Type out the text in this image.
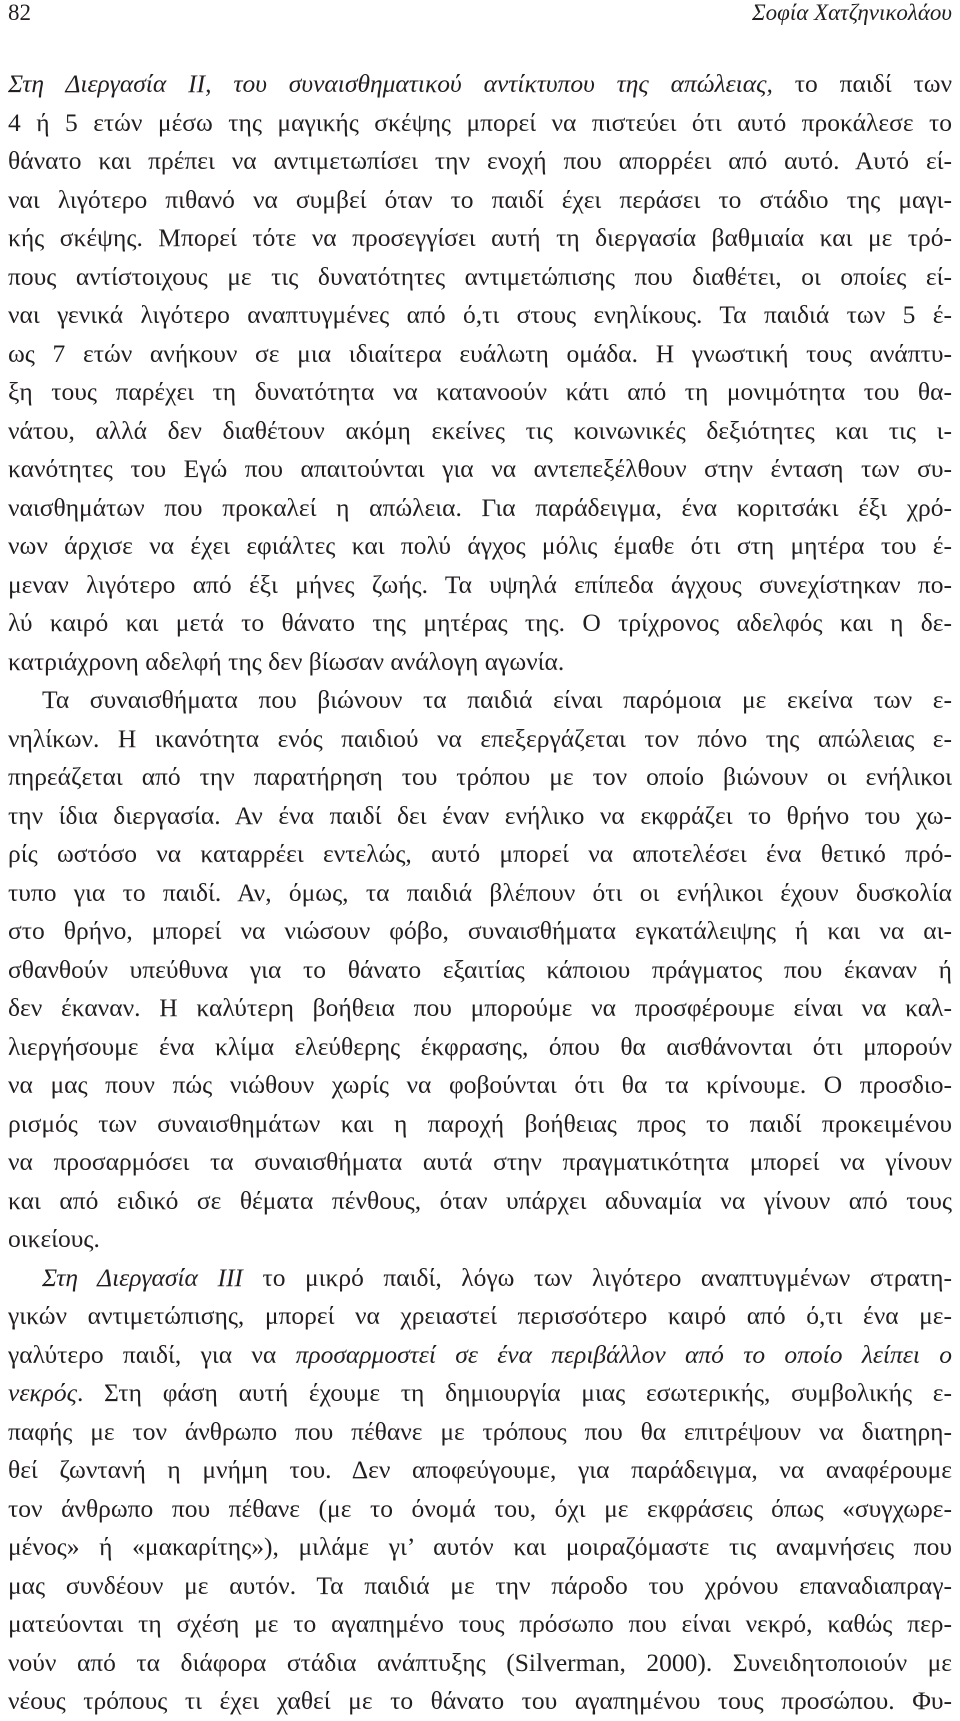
82	Σοφία Χατζηνικολάου
Στη Διεργασία ΙΙ, του συναισθηματικού αντίκτυπου της απώλειας, το παιδί των
4 ή 5 ετών μέσω της μαγικής σκέψης μπορεί να πιστεύει ότι αυτό προκάλεσε το
θάνατο και πρέπει να αντιμετωπίσει την ενοχή που απορρέει από αυτό. Αυτό εί-
ναι λιγότερο πιθανό να συμβεί όταν το παιδί έχει περάσει το στάδιο της μαγι-
κής σκέψης. Μπορεί τότε να προσεγγίσει αυτή τη διεργασία βαθμιαία και με τρό-
πους αντίστοιχους με τις δυνατότητες αντιμετώπισης που διαθέτει, οι οποίες εί-
ναι γενικά λιγότερο αναπτυγμένες από ό,τι στους ενηλίκους. Τα παιδιά των 5 έ-
ως 7 ετών ανήκουν σε μια ιδιαίτερα ευάλωτη ομάδα. Η γνωστική τους ανάπτυ-
ξη τους παρέχει τη δυνατότητα να κατανοούν κάτι από τη μονιμότητα του θα-
νάτου, αλλά δεν διαθέτουν ακόμη εκείνες τις κοινωνικές δεξιότητες και τις ι-
κανότητες του Εγώ που απαιτούνται για να αντεπεξέλθουν στην ένταση των συ-
ναισθημάτων που προκαλεί η απώλεια. Για παράδειγμα, ένα κοριτσάκι έξι χρό-
νων άρχισε να έχει εφιάλτες και πολύ άγχος μόλις έμαθε ότι στη μητέρα του έ-
μεναν λιγότερο από έξι μήνες ζωής. Τα υψηλά επίπεδα άγχους συνεχίστηκαν πο-
λύ καιρό και μετά το θάνατο της μητέρας της. Ο τρίχρονος αδελφός και η δε-
κατριάχρονη αδελφή της δεν βίωσαν ανάλογη αγωνία.
Τα συναισθήματα που βιώνουν τα παιδιά είναι παρόμοια με εκείνα των ε-
νηλίκων. Η ικανότητα ενός παιδιού να επεξεργάζεται τον πόνο της απώλειας ε-
πηρεάζεται από την παρατήρηση του τρόπου με τον οποίο βιώνουν οι ενήλικοι
την ίδια διεργασία. Αν ένα παιδί δει έναν ενήλικο να εκφράζει το θρήνο του χω-
ρίς ωστόσο να καταρρέει εντελώς, αυτό μπορεί να αποτελέσει ένα θετικό πρό-
τυπο για το παιδί. Αν, όμως, τα παιδιά βλέπουν ότι οι ενήλικοι έχουν δυσκολία
στο θρήνο, μπορεί να νιώσουν φόβο, συναισθήματα εγκατάλειψης ή και να αι-
σθανθούν υπεύθυνα για το θάνατο εξαιτίας κάποιου πράγματος που έκαναν ή
δεν έκαναν. Η καλύτερη βοήθεια που μπορούμε να προσφέρουμε είναι να καλ-
λιεργήσουμε ένα κλίμα ελεύθερης έκφρασης, όπου θα αισθάνονται ότι μπορούν
να μας πουν πώς νιώθουν χωρίς να φοβούνται ότι θα τα κρίνουμε. Ο προσδιο-
ρισμός των συναισθημάτων και η παροχή βοήθειας προς το παιδί προκειμένου
να προσαρμόσει τα συναισθήματα αυτά στην πραγματικότητα μπορεί να γίνουν
και από ειδικό σε θέματα πένθους, όταν υπάρχει αδυναμία να γίνουν από τους
οικείους.
Στη Διεργασία ΙΙΙ το μικρό παιδί, λόγω των λιγότερο αναπτυγμένων στρατη-
γικών αντιμετώπισης, μπορεί να χρειαστεί περισσότερο καιρό από ό,τι ένα με-
γαλύτερο παιδί, για να προσαρμοστεί σε ένα περιβάλλον από το οποίο λείπει ο
νεκρός. Στη φάση αυτή έχουμε τη δημιουργία μιας εσωτερικής, συμβολικής ε-
παφής με τον άνθρωπο που πέθανε με τρόπους που θα επιτρέψουν να διατηρη-
θεί ζωντανή η μνήμη του. Δεν αποφεύγουμε, για παράδειγμα, να αναφέρουμε
τον άνθρωπο που πέθανε (με το όνομά του, όχι με εκφράσεις όπως «συγχωρε-
μένος» ή «μακαρίτης»), μιλάμε γι’ αυτόν και μοιραζόμαστε τις αναμνήσεις που
μας συνδέουν με αυτόν. Τα παιδιά με την πάροδο του χρόνου επαναδιαπραγ-
ματεύονται τη σχέση με το αγαπημένο τους πρόσωπο που είναι νεκρό, καθώς περ-
νούν από τα διάφορα στάδια ανάπτυξης (Silverman, 2000). Συνειδητοποιούν με
νέους τρόπους τι έχει χαθεί με το θάνατο του αγαπημένου τους προσώπου. Φυ-
